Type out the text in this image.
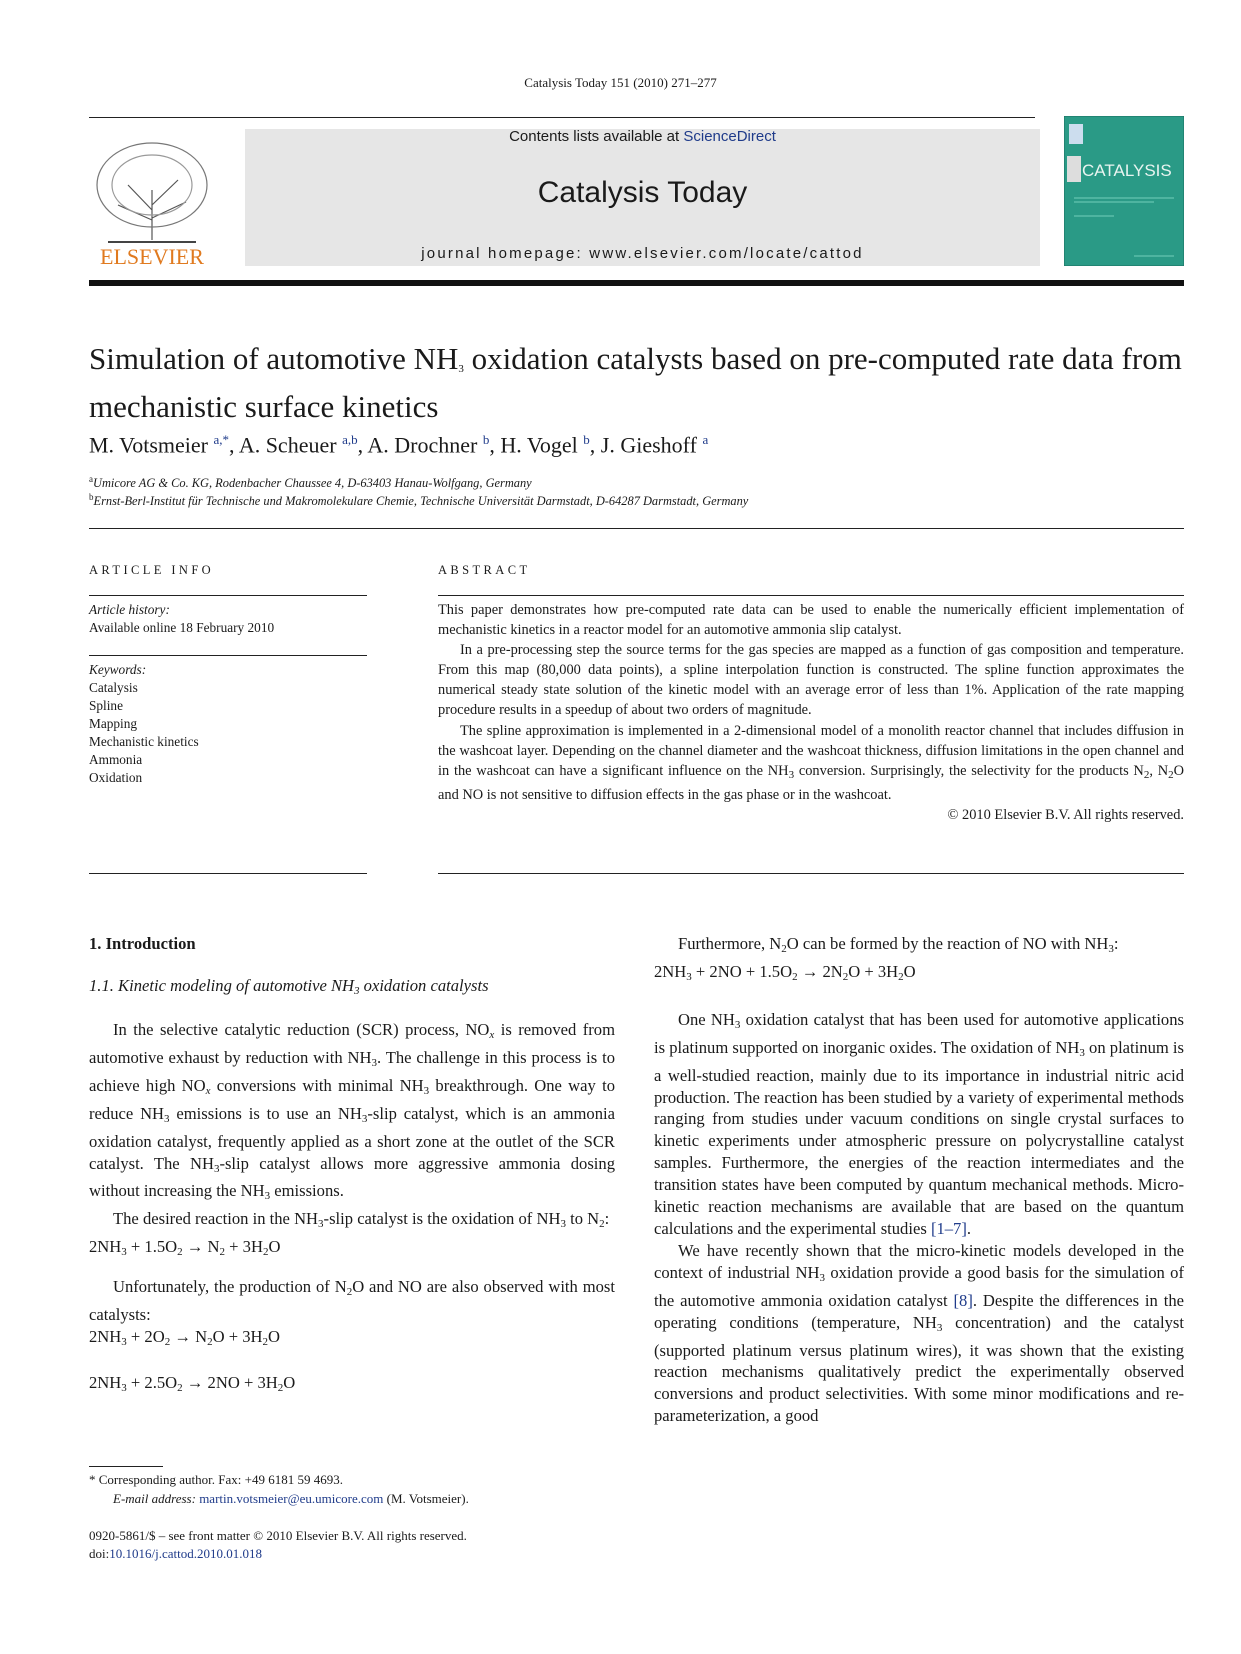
Catalysis Today 151 (2010) 271–277
ELSEVIER
Contents lists available at ScienceDirect
Catalysis Today
journal homepage: www.elsevier.com/locate/cattod
CATALYSIS
Simulation of automotive $NH_3$ oxidation catalysts based on pre-computed rate data from mechanistic surface kinetics
M. Votsmeier $^{a,*}$, A. Scheuer $^{a,b}$, A. Drochner $^b$, H. Vogel $^b$, J. Gieshoff $^a$
$^a$Umicore AG & Co. KG, Rodenbacher Chaussee 4, D-63403 Hanau-Wolfgang, Germany
$^b$Ernst-Berl-Institut für Technische und Makromolekulare Chemie, Technische Universität Darmstadt, D-64287 Darmstadt, Germany
ARTICLE INFO
Article history:
Available online 18 February 2010
Keywords:
Catalysis
Spline
Mapping
Mechanistic kinetics
Ammonia
Oxidation
ABSTRACT

This paper demonstrates how pre-computed rate data can be used to enable the numerically efficient implementation of mechanistic kinetics in a reactor model for an automotive ammonia slip catalyst.

In a pre-processing step the source terms for the gas species are mapped as a function of gas composition and temperature. From this map (80,000 data points), a spline interpolation function is constructed. The spline function approximates the numerical steady state solution of the kinetic model with an average error of less than 1%. Application of the rate mapping procedure results in a speedup of about two orders of magnitude.

The spline approximation is implemented in a 2-dimensional model of a monolith reactor channel that includes diffusion in the washcoat layer. Depending on the channel diameter and the washcoat thickness, diffusion limitations in the open channel and in the washcoat can have a significant influence on the $NH_3$ conversion. Surprisingly, the selectivity for the products $N_2$, $N_2O$ and NO is not sensitive to diffusion effects in the gas phase or in the washcoat.

© 2010 Elsevier B.V. All rights reserved.

1. Introduction
1.1. Kinetic modeling of automotive $NH_3$ oxidation catalysts

In the selective catalytic reduction (SCR) process, $NO_x$ is removed from automotive exhaust by reduction with $NH_3$. The challenge in this process is to achieve high $NO_x$ conversions with minimal $NH_3$ breakthrough. One way to reduce $NH_3$ emissions is to use an $NH_3$-slip catalyst, which is an ammonia oxidation catalyst, frequently applied as a short zone at the outlet of the SCR catalyst. The $NH_3$-slip catalyst allows more aggressive ammonia dosing without increasing the $NH_3$ emissions.

The desired reaction in the $NH_3$-slip catalyst is the oxidation of $NH_3$ to $N_2$:

$2NH_3 + 1.5O_2 \to N_2 + 3H_2O$

Unfortunately, the production of $N_2O$ and NO are also observed with most catalysts:

$2NH_3 + 2O_2 \to N_2O + 3H_2O$

$2NH_3 + 2.5O_2 \to 2NO + 3H_2O$

Furthermore, $N_2O$ can be formed by the reaction of NO with $NH_3$:

$2NH_3 + 2NO + 1.5O_2 \to 2N_2O + 3H_2O$

One $NH_3$ oxidation catalyst that has been used for automotive applications is platinum supported on inorganic oxides. The oxidation of $NH_3$ on platinum is a well-studied reaction, mainly due to its importance in industrial nitric acid production. The reaction has been studied by a variety of experimental methods ranging from studies under vacuum conditions on single crystal surfaces to kinetic experiments under atmospheric pressure on polycrystalline catalyst samples. Furthermore, the energies of the reaction intermediates and the transition states have been computed by quantum mechanical methods. Micro-kinetic reaction mechanisms are available that are based on the quantum calculations and the experimental studies [1–7].

We have recently shown that the micro-kinetic models developed in the context of industrial $NH_3$ oxidation provide a good basis for the simulation of the automotive ammonia oxidation catalyst [8]. Despite the differences in the operating conditions (temperature, $NH_3$ concentration) and the catalyst (supported platinum versus platinum wires), it was shown that the existing reaction mechanisms qualitatively predict the experimentally observed conversions and product selectivities. With some minor modifications and re-parameterization, a good

* Corresponding author. Fax: +49 6181 59 4693.
E-mail address: martin.votsmeier@eu.umicore.com (M. Votsmeier).
0920-5861/$ – see front matter © 2010 Elsevier B.V. All rights reserved.
doi:10.1016/j.cattod.2010.01.018
